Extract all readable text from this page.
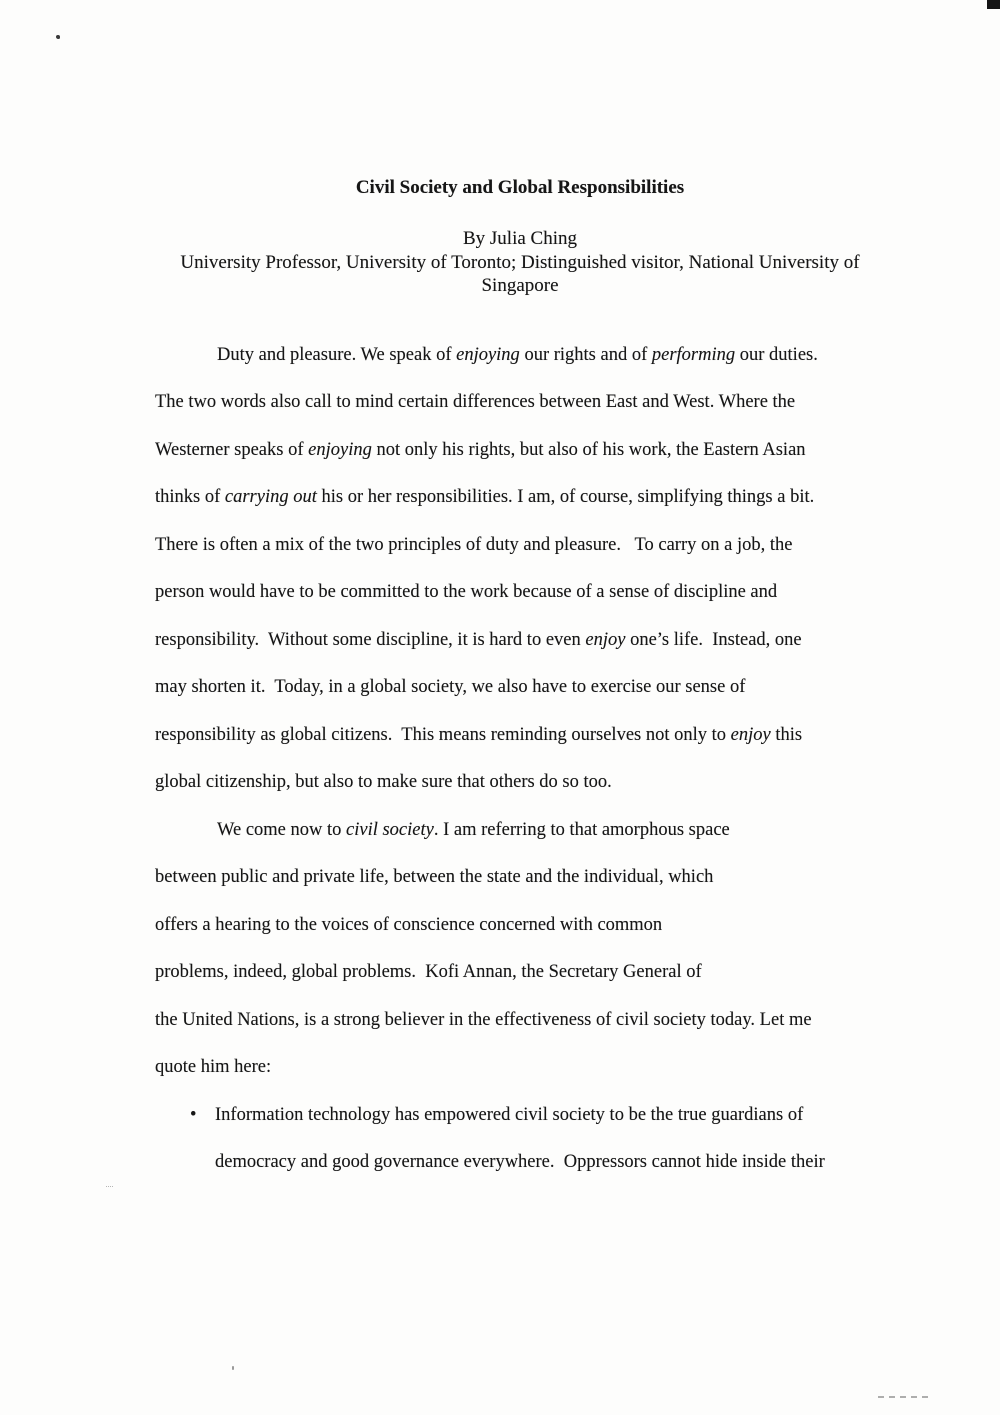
Civil Society and Global Responsibilities
By Julia Ching
University Professor, University of Toronto; Distinguished visitor, National University of
Singapore
Duty and pleasure. We speak of enjoying our rights and of performing our duties.
The two words also call to mind certain differences between East and West. Where the
Westerner speaks of enjoying not only his rights, but also of his work, the Eastern Asian
thinks of carrying out his or her responsibilities. I am, of course, simplifying things a bit.
There is often a mix of the two principles of duty and pleasure.   To carry on a job, the
person would have to be committed to the work because of a sense of discipline and
responsibility.  Without some discipline, it is hard to even enjoy one’s life.  Instead, one
may shorten it.  Today, in a global society, we also have to exercise our sense of
responsibility as global citizens.  This means reminding ourselves not only to enjoy this
global citizenship, but also to make sure that others do so too.
We come now to civil society. I am referring to that amorphous space
between public and private life, between the state and the individual, which
offers a hearing to the voices of conscience concerned with common
problems, indeed, global problems.  Kofi Annan, the Secretary General of
the United Nations, is a strong believer in the effectiveness of civil society today. Let me
quote him here:
• Information technology has empowered civil society to be the true guardians of
democracy and good governance everywhere.  Oppressors cannot hide inside their
